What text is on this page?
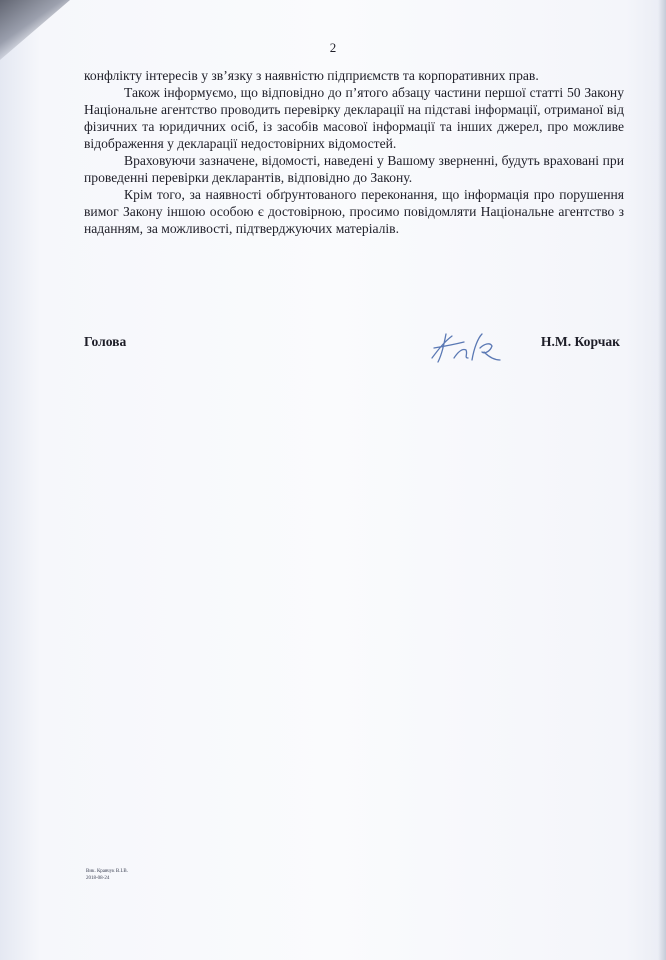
2

конфлікту інтересів у зв’язку з наявністю підприємств та корпоративних прав.

Також інформуємо, що відповідно до п’ятого абзацу частини першої статті 50 Закону Національне агентство проводить перевірку декларації на підставі інформації, отриманої від фізичних та юридичних осіб, із засобів масової інформації та інших джерел, про можливе відображення у декларації недостовірних відомостей.

Враховуючи зазначене, відомості, наведені у Вашому зверненні, будуть враховані при проведенні перевірки декларантів, відповідно до Закону.

Крім того, за наявності обґрунтованого переконання, що інформація про порушення вимог Закону іншою особою є достовірною, просимо повідомляти Національне агентство з наданням, за можливості, підтверджуючих матеріалів.

Голова	Н.М. Корчак
Вик. Кравчук В.І.В.
2018-08-24
